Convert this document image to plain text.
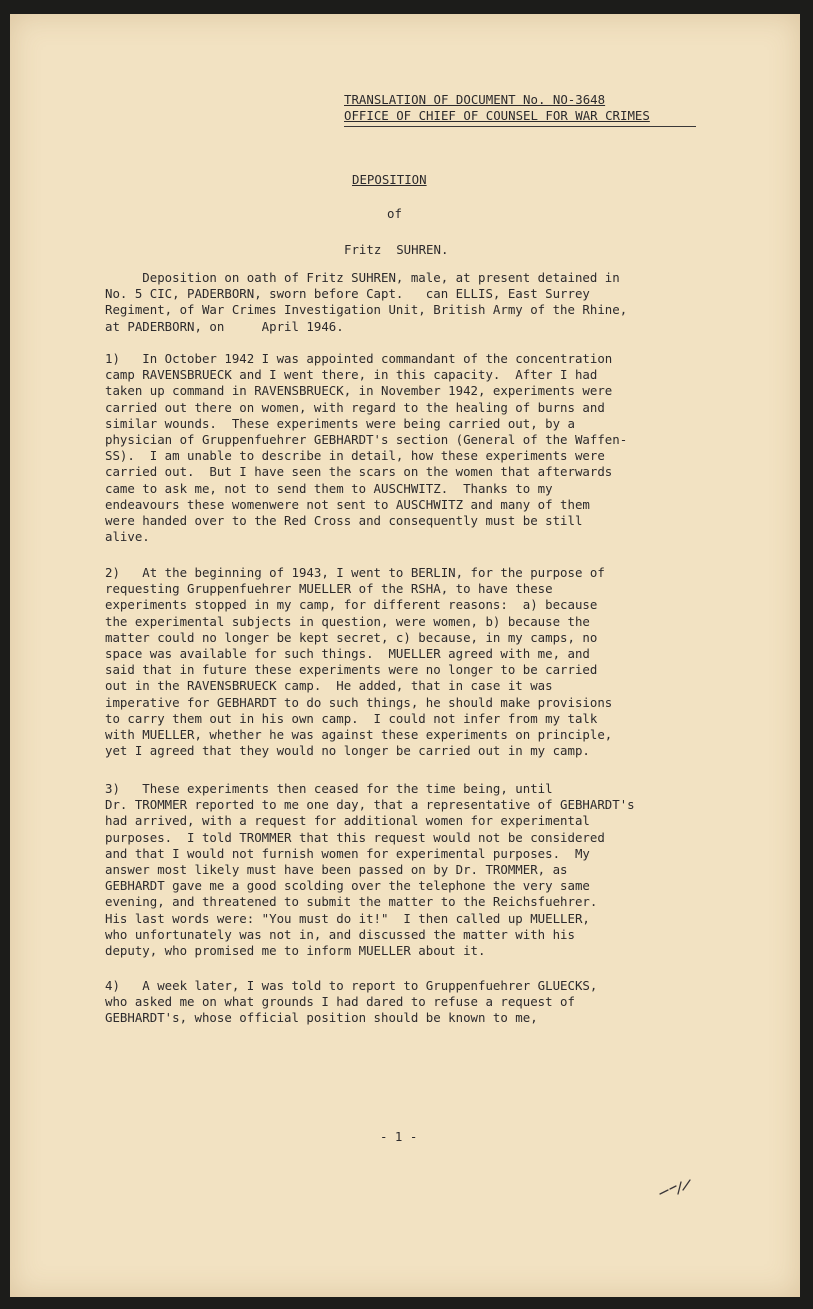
TRANSLATION OF DOCUMENT No. NO-3648
OFFICE OF CHIEF OF COUNSEL FOR WAR CRIMES
DEPOSITION
of
Fritz  SUHREN.
Deposition on oath of Fritz SUHREN, male, at present detained in
No. 5 CIC, PADERBORN, sworn before Capt.   can ELLIS, East Surrey
Regiment, of War Crimes Investigation Unit, British Army of the Rhine,
at PADERBORN, on     April 1946.
1)   In October 1942 I was appointed commandant of the concentration
camp RAVENSBRUECK and I went there, in this capacity.  After I had
taken up command in RAVENSBRUECK, in November 1942, experiments were
carried out there on women, with regard to the healing of burns and
similar wounds.  These experiments were being carried out, by a
physician of Gruppenfuehrer GEBHARDT's section (General of the Waffen-
SS).  I am unable to describe in detail, how these experiments were
carried out.  But I have seen the scars on the women that afterwards
came to ask me, not to send them to AUSCHWITZ.  Thanks to my
endeavours these womenwere not sent to AUSCHWITZ and many of them
were handed over to the Red Cross and consequently must be still
alive.
2)   At the beginning of 1943, I went to BERLIN, for the purpose of
requesting Gruppenfuehrer MUELLER of the RSHA, to have these
experiments stopped in my camp, for different reasons:  a) because
the experimental subjects in question, were women, b) because the
matter could no longer be kept secret, c) because, in my camps, no
space was available for such things.  MUELLER agreed with me, and
said that in future these experiments were no longer to be carried
out in the RAVENSBRUECK camp.  He added, that in case it was
imperative for GEBHARDT to do such things, he should make provisions
to carry them out in his own camp.  I could not infer from my talk
with MUELLER, whether he was against these experiments on principle,
yet I agreed that they would no longer be carried out in my camp.
3)   These experiments then ceased for the time being, until
Dr. TROMMER reported to me one day, that a representative of GEBHARDT's
had arrived, with a request for additional women for experimental
purposes.  I told TROMMER that this request would not be considered
and that I would not furnish women for experimental purposes.  My
answer most likely must have been passed on by Dr. TROMMER, as
GEBHARDT gave me a good scolding over the telephone the very same
evening, and threatened to submit the matter to the Reichsfuehrer.
His last words were: "You must do it!"  I then called up MUELLER,
who unfortunately was not in, and discussed the matter with his
deputy, who promised me to inform MUELLER about it.
4)   A week later, I was told to report to Gruppenfuehrer GLUECKS,
who asked me on what grounds I had dared to refuse a request of
GEBHARDT's, whose official position should be known to me,
- 1 -
